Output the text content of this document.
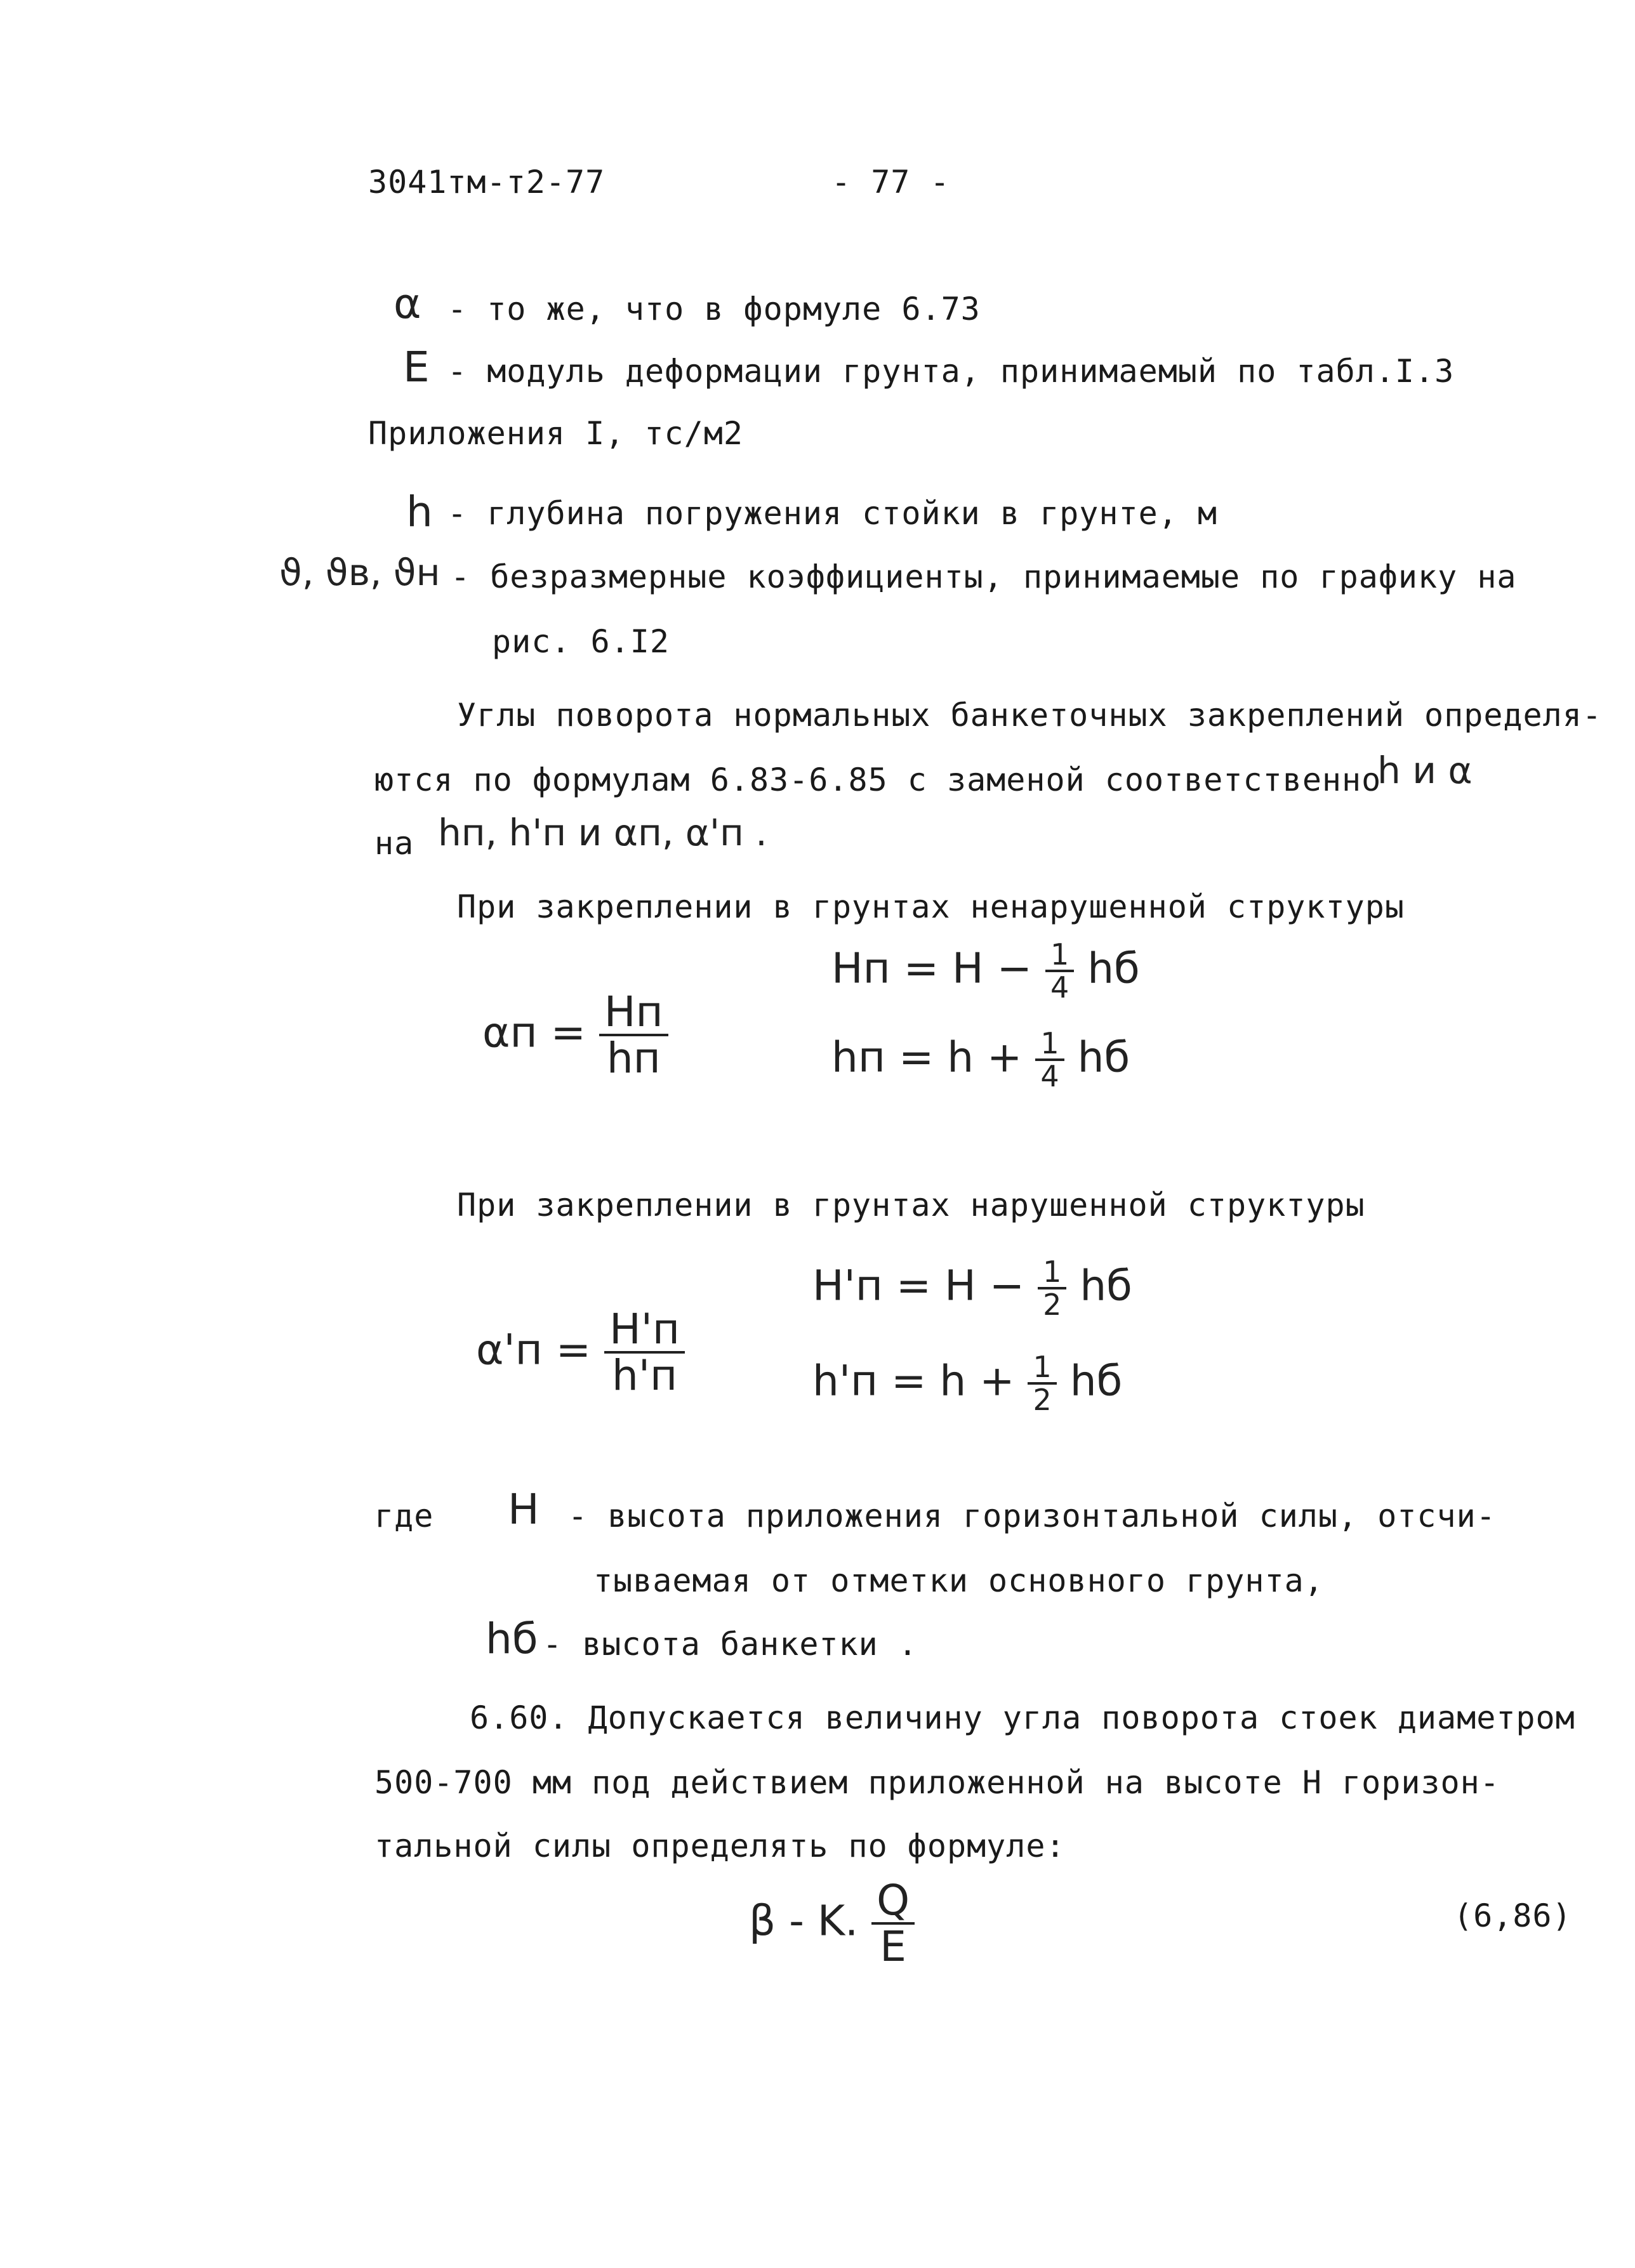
3041тм-т2-77	- 77 -
α - то же, что в формуле 6.73
E - модуль деформации грунта, принимаемый по табл.I.3
Приложения I, тс/м2
h - глубина погружения стойки в грунте, м
ϑ, ϑв, ϑн - безразмерные коэффициенты, принимаемые по графику на
рис. 6.I2
Углы поворота нормальных банкеточных закреплений определя-
ются по формулам 6.83-6.85 с заменой соответственно
h и α
на hп, h'п и αп, α'п .
При закреплении в грунтах ненарушенной структуры
$\alpha п = \frac{Hп}{hп}$
Hп = $H - \frac{1}{4}$ hб
hп = $h + \frac{1}{4}$ hб
При закреплении в грунтах нарушенной структуры
$\alpha'п = \frac{H'п}{h'п}$
$H'п = H - \frac{1}{2}$ hб
$h'п = h + \frac{1}{2}$ hб
где H - высота приложения горизонтальной силы, отсчи-
тываемая от отметки основного грунта,
hб - высота банкетки .
6.60. Допускается величину угла поворота стоек диаметром
500-700 мм под действием приложенной на высоте H горизон-
тальной силы определять по формуле:
β - K. $\frac{Q}{E}$	(6,86)
